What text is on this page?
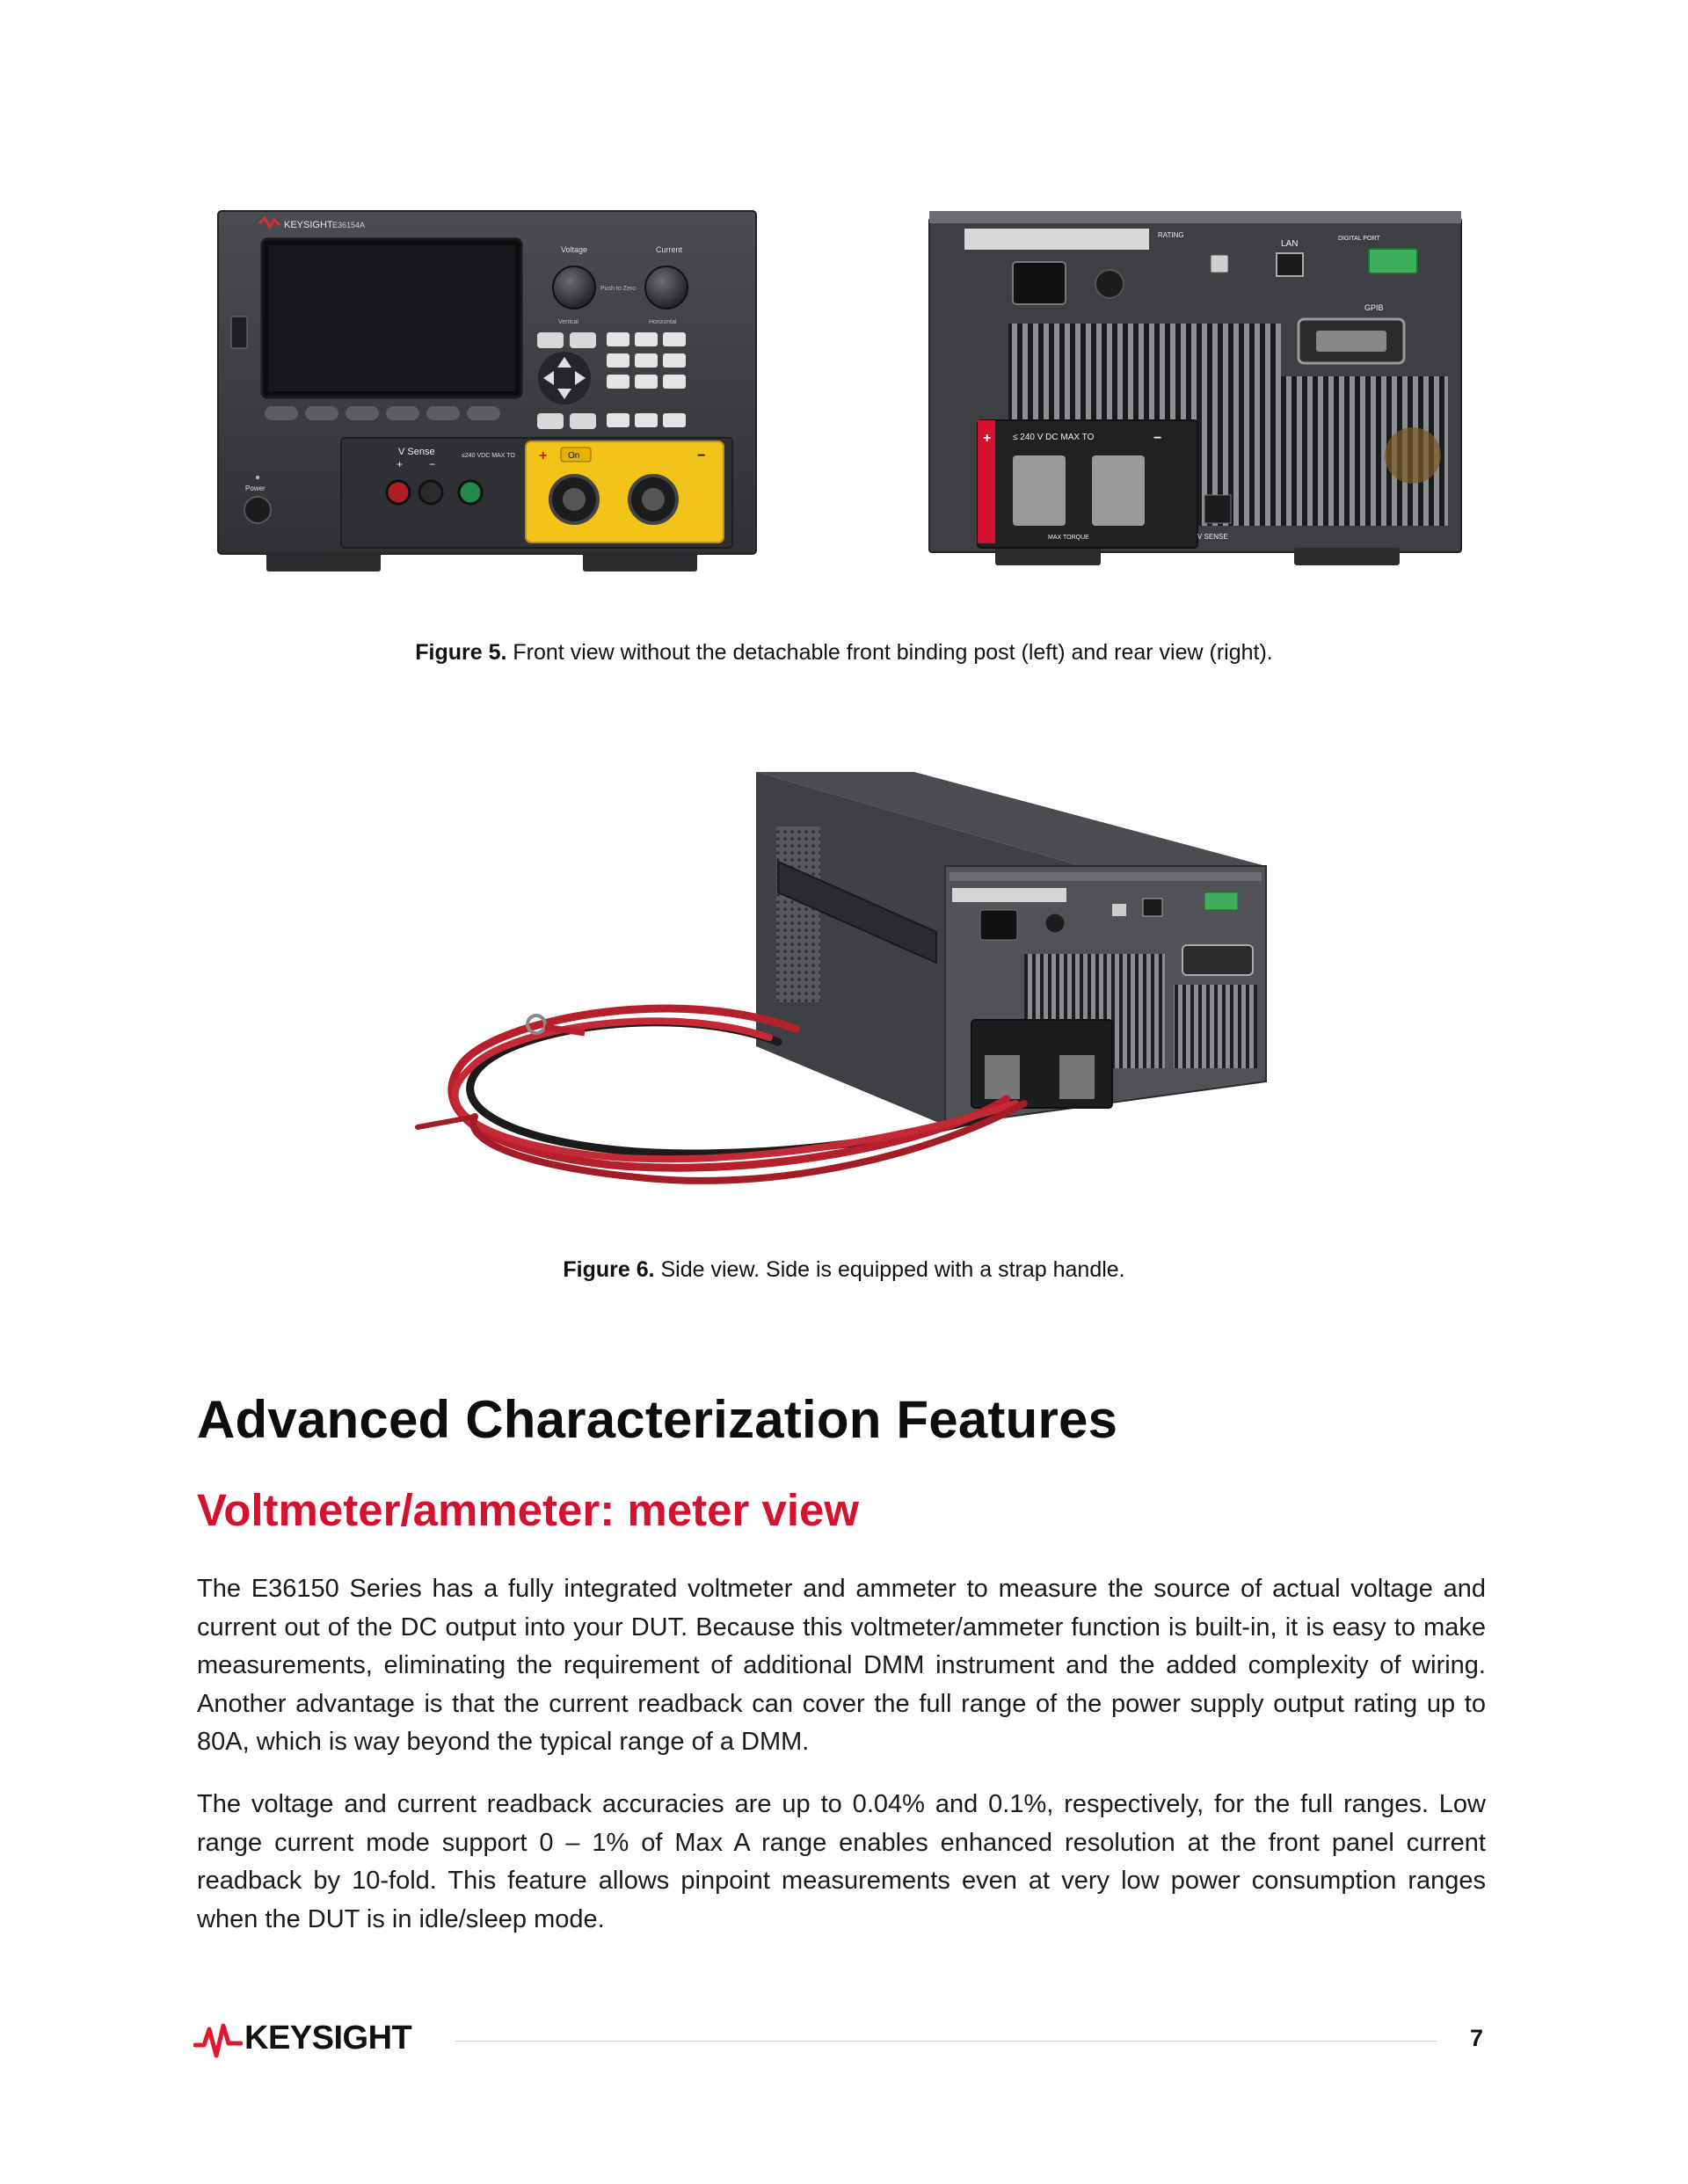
KEYSIGHT E36154A
Voltage	Current
Push to Zero
Vertical	Horizontal
V Sense
+ −
≤240 VDC MAX TO +	−
On
Power
RATING
LAN
DIGITAL PORT
GPIB
+ ≤ 240 V DC MAX TO	−
MAX TORQUE	V SENSE
Figure 5. Front view without the detachable front binding post (left) and rear view (right).
Figure 6. Side view. Side is equipped with a strap handle.
Advanced Characterization Features
Voltmeter/ammeter: meter view

The E36150 Series has a fully integrated voltmeter and ammeter to measure the source of actual voltage and current out of the DC output into your DUT. Because this voltmeter/ammeter function is built-in, it is easy to make measurements, eliminating the requirement of additional DMM instrument and the added complexity of wiring. Another advantage is that the current readback can cover the full range of the power supply output rating up to 80A, which is way beyond the typical range of a DMM.

The voltage and current readback accuracies are up to 0.04% and 0.1%, respectively, for the full ranges. Low range current mode support 0 – 1% of Max A range enables enhanced resolution at the front panel current readback by 10-fold. This feature allows pinpoint measurements even at very low power consumption ranges when the DUT is in idle/sleep mode.

KEYSIGHT	7
